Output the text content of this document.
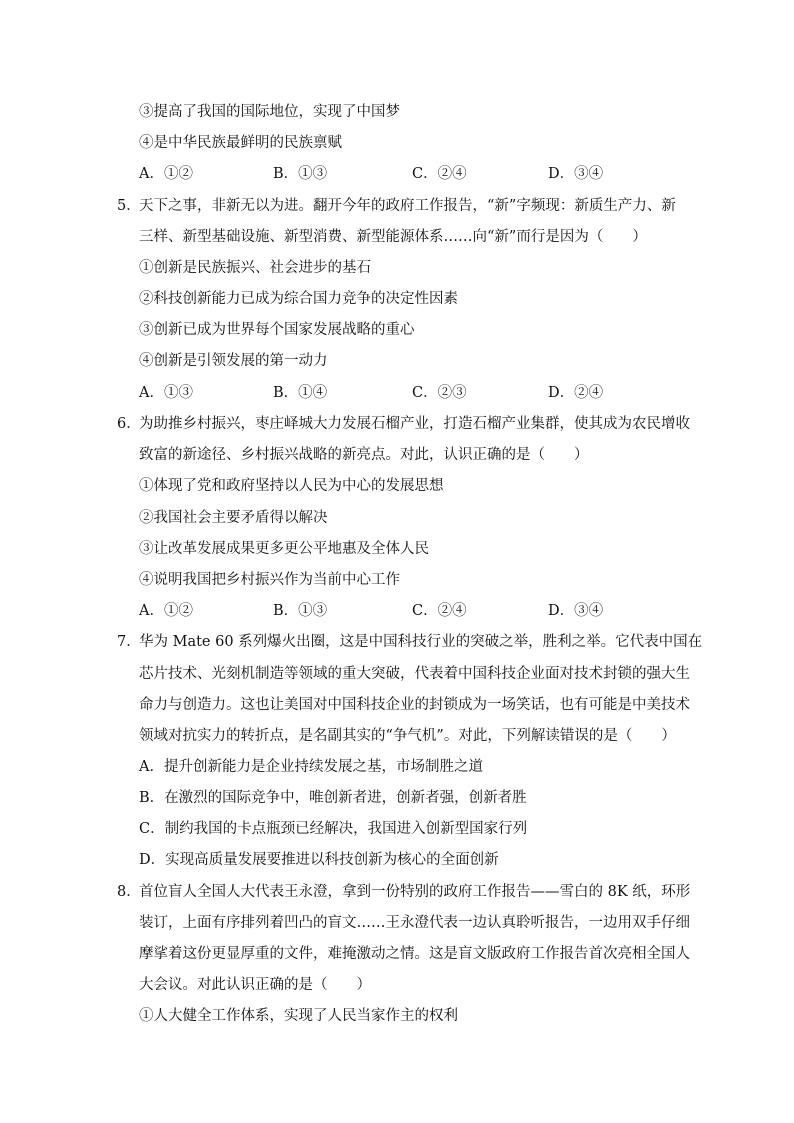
③提高了我国的国际地位，实现了中国梦
④是中华民族最鲜明的民族禀赋
A．①②	B．①③	C．②④	D．③④
5．
天下之事，非新无以为进。翻开今年的政府工作报告，“新”字频现：新质生产力、新
三样、新型基础设施、新型消费、新型能源体系……向“新”而行是因为（　　）
①创新是民族振兴、社会进步的基石
②科技创新能力已成为综合国力竞争的决定性因素
③创新已成为世界每个国家发展战略的重心
④创新是引领发展的第一动力
A．①③	B．①④	C．②③	D．②④
6．
为助推乡村振兴，枣庄峄城大力发展石榴产业，打造石榴产业集群，使其成为农民增收
致富的新途径、乡村振兴战略的新亮点。对此，认识正确的是（　　）
①体现了党和政府坚持以人民为中心的发展思想
②我国社会主要矛盾得以解决
③让改革发展成果更多更公平地惠及全体人民
④说明我国把乡村振兴作为当前中心工作
A．①②	B．①③	C．②④	D．③④
7．
华为 Mate 60 系列爆火出圈，这是中国科技行业的突破之举，胜利之举。它代表中国在
芯片技术、光刻机制造等领域的重大突破，代表着中国科技企业面对技术封锁的强大生
命力与创造力。这也让美国对中国科技企业的封锁成为一场笑话，也有可能是中美技术
领域对抗实力的转折点，是名副其实的“争气机”。对此，下列解读错误的是（　　）
A．提升创新能力是企业持续发展之基，市场制胜之道
B．在激烈的国际竞争中，唯创新者进，创新者强，创新者胜
C．制约我国的卡点瓶颈已经解决，我国进入创新型国家行列
D．实现高质量发展要推进以科技创新为核心的全面创新
8．
首位盲人全国人大代表王永澄，拿到一份特别的政府工作报告——雪白的 8K 纸，环形
装订，上面有序排列着凹凸的盲文……王永澄代表一边认真聆听报告，一边用双手仔细
摩挲着这份更显厚重的文件，难掩激动之情。这是盲文版政府工作报告首次亮相全国人
大会议。对此认识正确的是（　　）
①人大健全工作体系，实现了人民当家作主的权利
